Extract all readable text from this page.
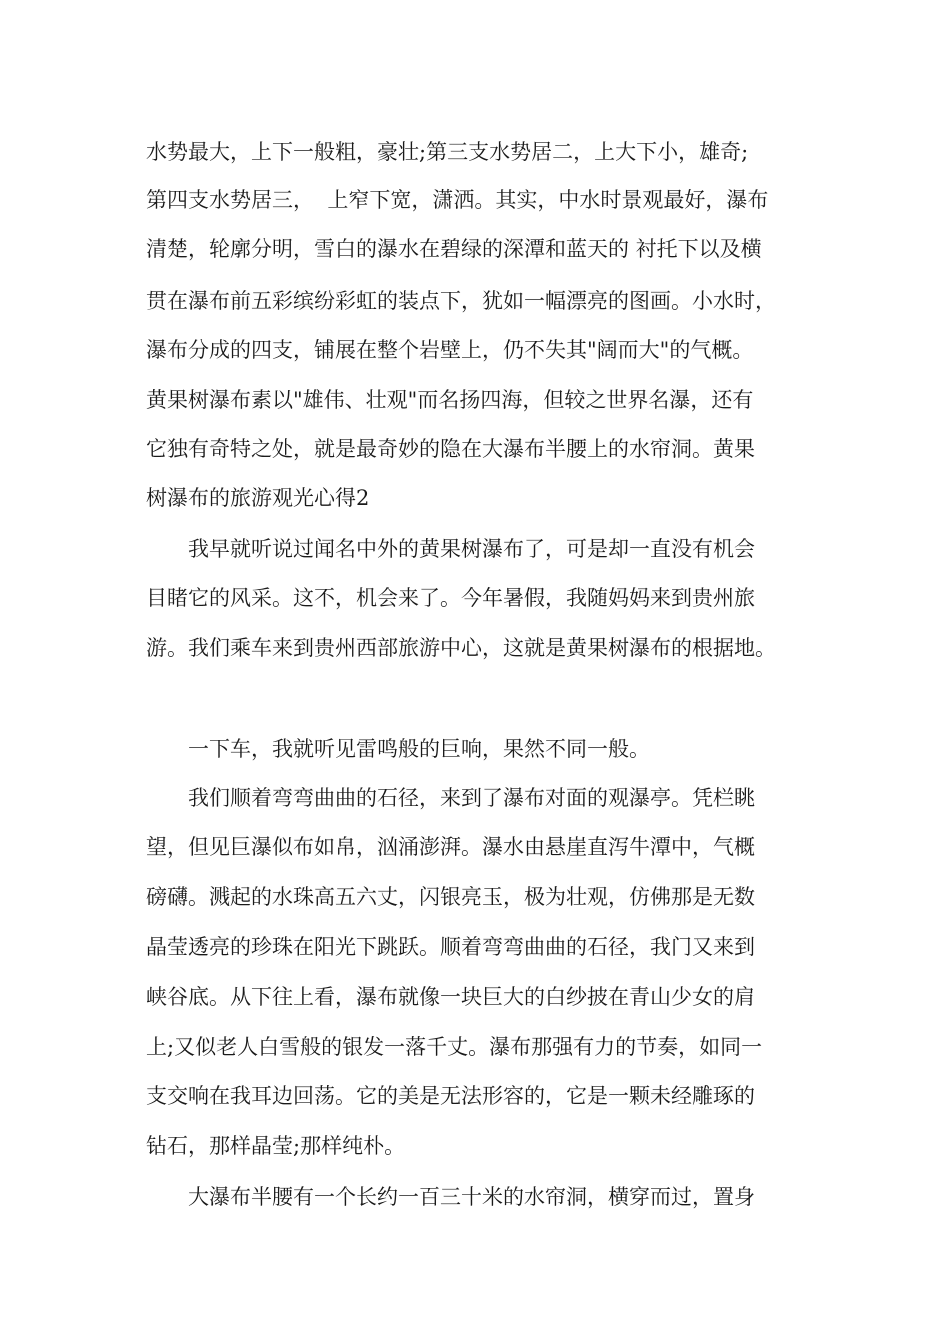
水势最大，上下一般粗，豪壮;第三支水势居二，上大下小，雄奇;
第四支水势居三，  上窄下宽，潇洒。其实，中水时景观最好，瀑布
清楚，轮廓分明，雪白的瀑水在碧绿的深潭和蓝天的 衬托下以及横
贯在瀑布前五彩缤纷彩虹的装点下，犹如一幅漂亮的图画。小水时，
瀑布分成的四支，铺展在整个岩壁上，仍不失其"阔而大"的气概。
黄果树瀑布素以"雄伟、壮观"而名扬四海，但较之世界名瀑，还有
它独有奇特之处，就是最奇妙的隐在大瀑布半腰上的水帘洞。黄果
树瀑布的旅游观光心得2
我早就听说过闻名中外的黄果树瀑布了，可是却一直没有机会
目睹它的风采。这不，机会来了。今年暑假，我随妈妈来到贵州旅
游。我们乘车来到贵州西部旅游中心，这就是黄果树瀑布的根据地。
一下车，我就听见雷鸣般的巨响，果然不同一般。
我们顺着弯弯曲曲的石径，来到了瀑布对面的观瀑亭。凭栏眺
望，但见巨瀑似布如帛，汹涌澎湃。瀑水由悬崖直泻牛潭中，气概
磅礴。溅起的水珠高五六丈，闪银亮玉，极为壮观，仿佛那是无数
晶莹透亮的珍珠在阳光下跳跃。顺着弯弯曲曲的石径，我门又来到
峡谷底。从下往上看，瀑布就像一块巨大的白纱披在青山少女的肩
上;又似老人白雪般的银发一落千丈。瀑布那强有力的节奏，如同一
支交响在我耳边回荡。它的美是无法形容的，它是一颗未经雕琢的
钻石，那样晶莹;那样纯朴。
大瀑布半腰有一个长约一百三十米的水帘洞，横穿而过，置身
